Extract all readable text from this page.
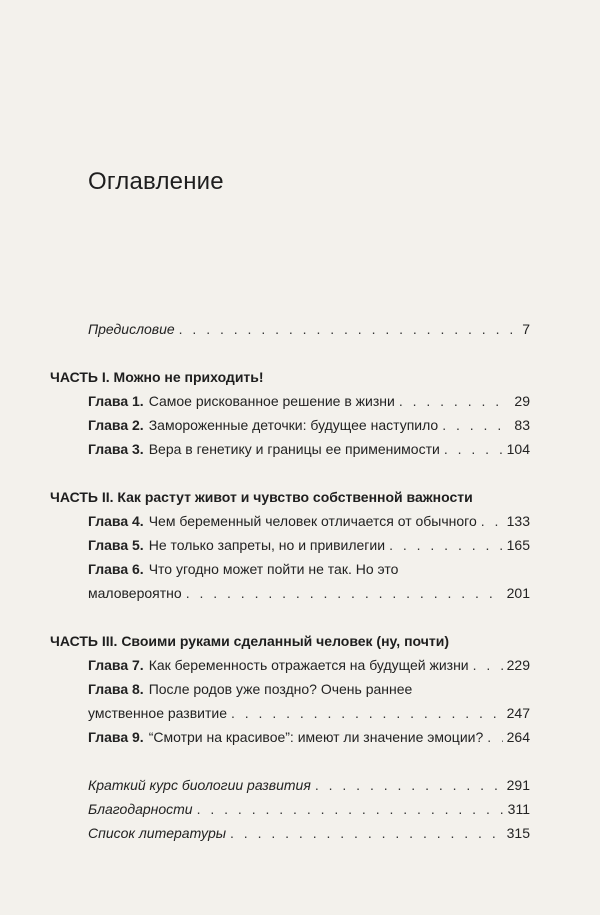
Оглавление
Предисловие . . .	7
ЧАСТЬ I. Можно не приходить!
Глава 1. Самое рискованное решение в жизни . . .	29
Глава 2. Замороженные деточки: будущее наступило . . .	83
Глава 3. Вера в генетику и границы ее применимости . . .	104
ЧАСТЬ II. Как растут живот и чувство собственной важности
Глава 4. Чем беременный человек отличается от обычного . . . 133
Глава 5. Не только запреты, но и привилегии . . .	165
Глава 6. Что угодно может пойти не так. Но это
маловероятно . . .	201
ЧАСТЬ III. Своими руками сделанный человек (ну, почти)
Глава 7. Как беременность отражается на будущей жизни . . .	229
Глава 8. После родов уже поздно? Очень раннее
умственное развитие . . .	247
Глава 9. “Смотри на красивое”: имеют ли значение эмоции? . . . 264
Краткий курс биологии развития . . .	291
Благодарности . . .	311
Список литературы . . .	315
